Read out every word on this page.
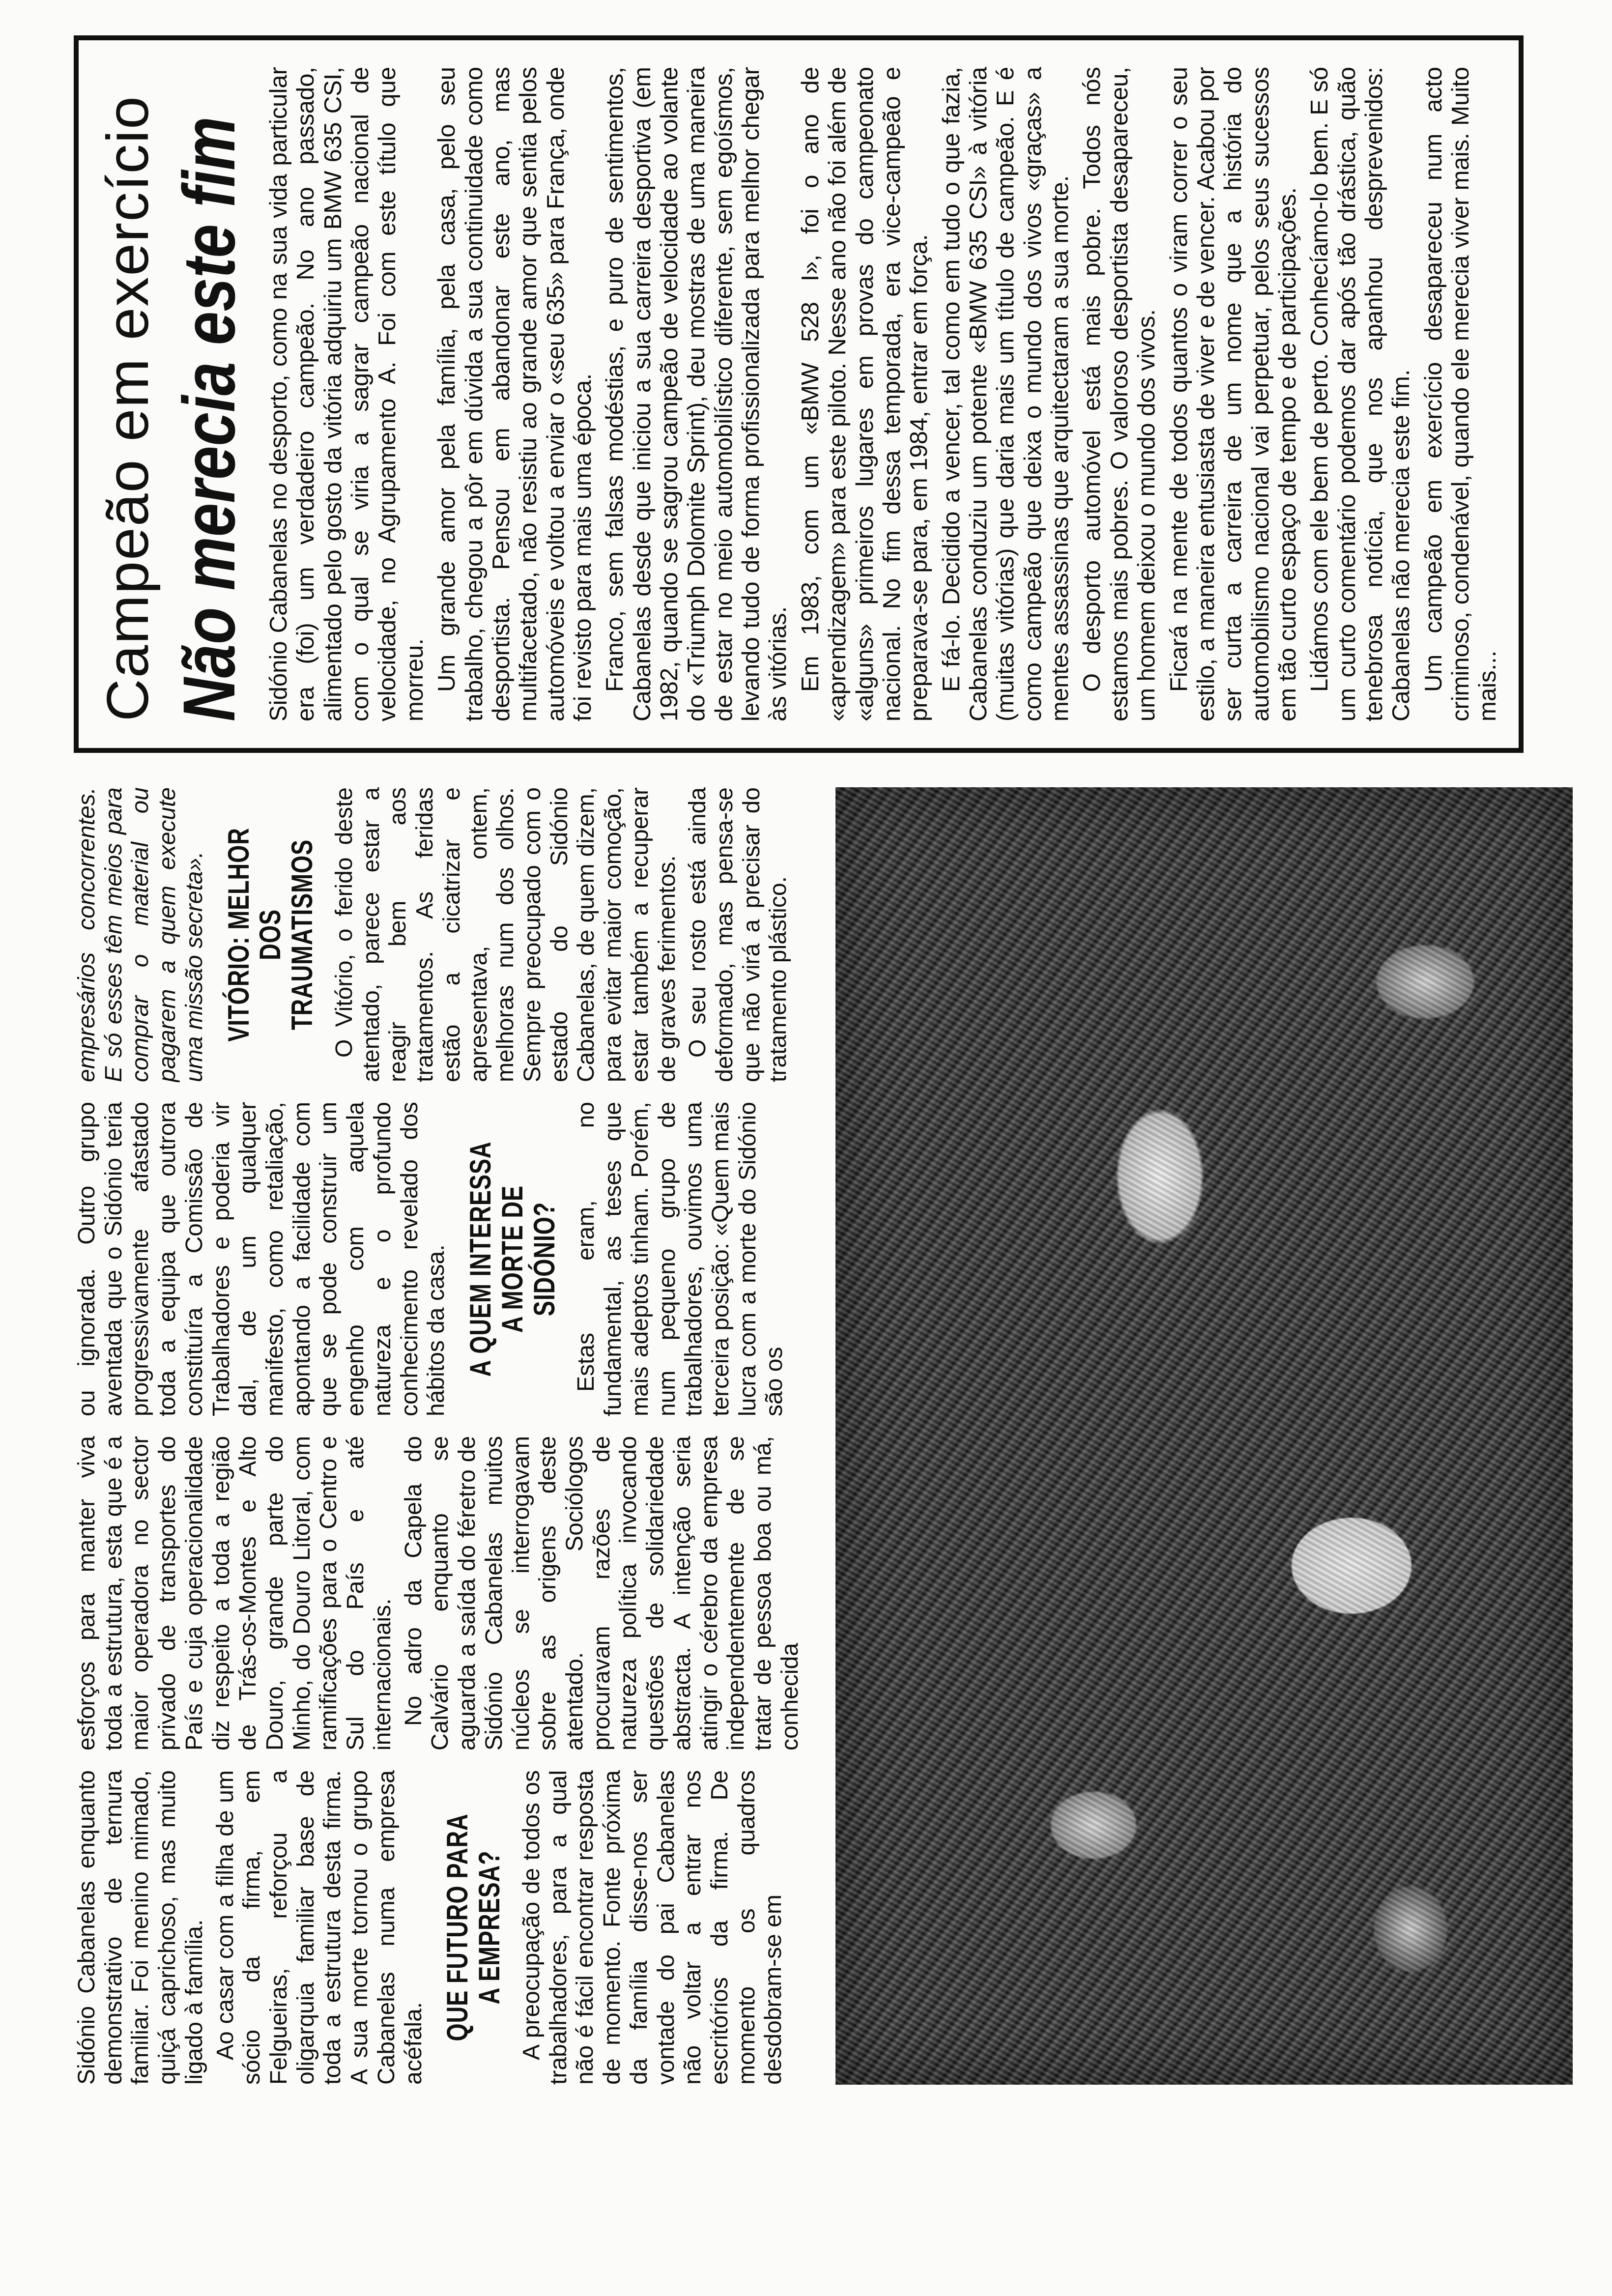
Campeão em exercício Não merecia este fim Sidónio Cabanelas no desporto, como na sua vida particular era (foi) um verdadeiro campeão. No ano passado, alimentado pelo gosto da vitória adquiriu um BMW 635 CSI, com o qual se viria a sagrar campeão nacional de velocidade, no Agrupamento A. Foi com este título que morreu. Um grande amor pela família, pela casa, pelo seu trabalho, chegou a pôr em dúvida a sua continuidade como desportista. Pensou em abandonar este ano, mas multifacetado, não resistiu ao grande amor que sentia pelos automóveis e voltou a enviar o «seu 635» para França, onde foi revisto para mais uma época. Franco, sem falsas modéstias, e puro de sentimentos, Cabanelas desde que iniciou a sua carreira desportiva (em 1982, quando se sagrou campeão de velocidade ao volante do «Triumph Dolomite Sprint), deu mostras de uma maneira de estar no meio automobilístico diferente, sem egoísmos, levando tudo de forma profissionalizada para melhor chegar às vitórias. Em 1983, com um «BMW 528 I», foi o ano de «aprendizagem» para este piloto. Nesse ano não foi além de «alguns» primeiros lugares em provas do campeonato nacional. No fim dessa temporada, era vice-campeão e preparava-se para, em 1984, entrar em força. E fá-lo. Decidido a vencer, tal como em tudo o que fazia, Cabanelas conduziu um potente «BMW 635 CSI» à vitória (muitas vitórias) que daria mais um título de campeão. E é como campeão que deixa o mundo dos vivos «graças» a mentes assassinas que arquitectaram a sua morte. O desporto automóvel está mais pobre. Todos nós estamos mais pobres. O valoroso desportista desapareceu, um homem deixou o mundo dos vivos. Ficará na mente de todos quantos o viram correr o seu estilo, a maneira entusiasta de viver e de vencer. Acabou por ser curta a carreira de um nome que a história do automobilismo nacional vai perpetuar, pelos seus sucessos em tão curto espaço de tempo e de participações. Lidámos com ele bem de perto. Conhecíamo-lo bem. E só um curto comentário podemos dar após tão drástica, quão tenebrosa notícia, que nos apanhou desprevenidos: Cabanelas não merecia este fim. Um campeão em exercício desapareceu num acto criminoso, condenável, quando ele merecia viver mais. Muito mais...

Sidónio Cabanelas enquanto demonstrativo de ternura familiar. Foi menino mimado, quiçá caprichoso, mas muito ligado à família. Ao casar com a filha de um sócio da firma, em Felgueiras, reforçou a oligarquia familiar base de toda a estrutura desta firma. A sua morte tornou o grupo Cabanelas numa empresa acéfala.

QUE FUTURO PARA A EMPRESA? A preocupação de todos os trabalhadores, para a qual não é fácil encontrar resposta de momento. Fonte próxima da família disse-nos ser vontade do pai Cabanelas não voltar a entrar nos escritórios da firma. De momento os quadros desdobram-se em

esforços para manter viva toda a estrutura, esta que é a maior operadora no sector privado de transportes do País e cuja operacionalidade diz respeito a toda a região de Trás-os-Montes e Alto Douro, grande parte do Minho, do Douro Litoral, com ramificações para o Centro e Sul do País e até internacionais. No adro da Capela do Calvário enquanto se aguarda a saída do féretro de Sidónio Cabanelas muitos núcleos se interrogavam sobre as origens deste atentado. Sociólogos procuravam razões de natureza política invocando questões de solidariedade abstracta. A intenção seria atingir o cérebro da empresa independentemente de se tratar de pessoa boa ou má, conhecida

ou ignorada. Outro grupo aventada que o Sidónio teria progressivamente afastado toda a equipa que outrora constituíra a Comissão de Trabalhadores e poderia vir dal, de um qualquer manifesto, como retaliação, apontando a facilidade com que se pode construir um engenho com aquela natureza e o profundo conhecimento revelado dos hábitos da casa. A QUEM INTERESSA A MORTE DE SIDÓNIO? Estas eram, no fundamental, as teses que mais adeptos tinham. Porém, num pequeno grupo de trabalhadores, ouvimos uma terceira posição: «Quem mais lucra com a morte do Sidónio são os

empresários concorrentes. E só esses têm meios para comprar o material ou pagarem a quem execute uma missão secreta». VITÓRIO: MELHOR DOS TRAUMATISMOS O Vitório, o ferido deste atentado, parece estar a reagir bem aos tratamentos. As feridas estão a cicatrizar e apresentava, ontem, melhoras num dos olhos. Sempre preocupado com o estado do Sidónio Cabanelas, de quem dizem, para evitar maior comoção, estar também a recuperar de graves ferimentos. O seu rosto está ainda deformado, mas pensa-se que não virá a precisar do tratamento plástico.
